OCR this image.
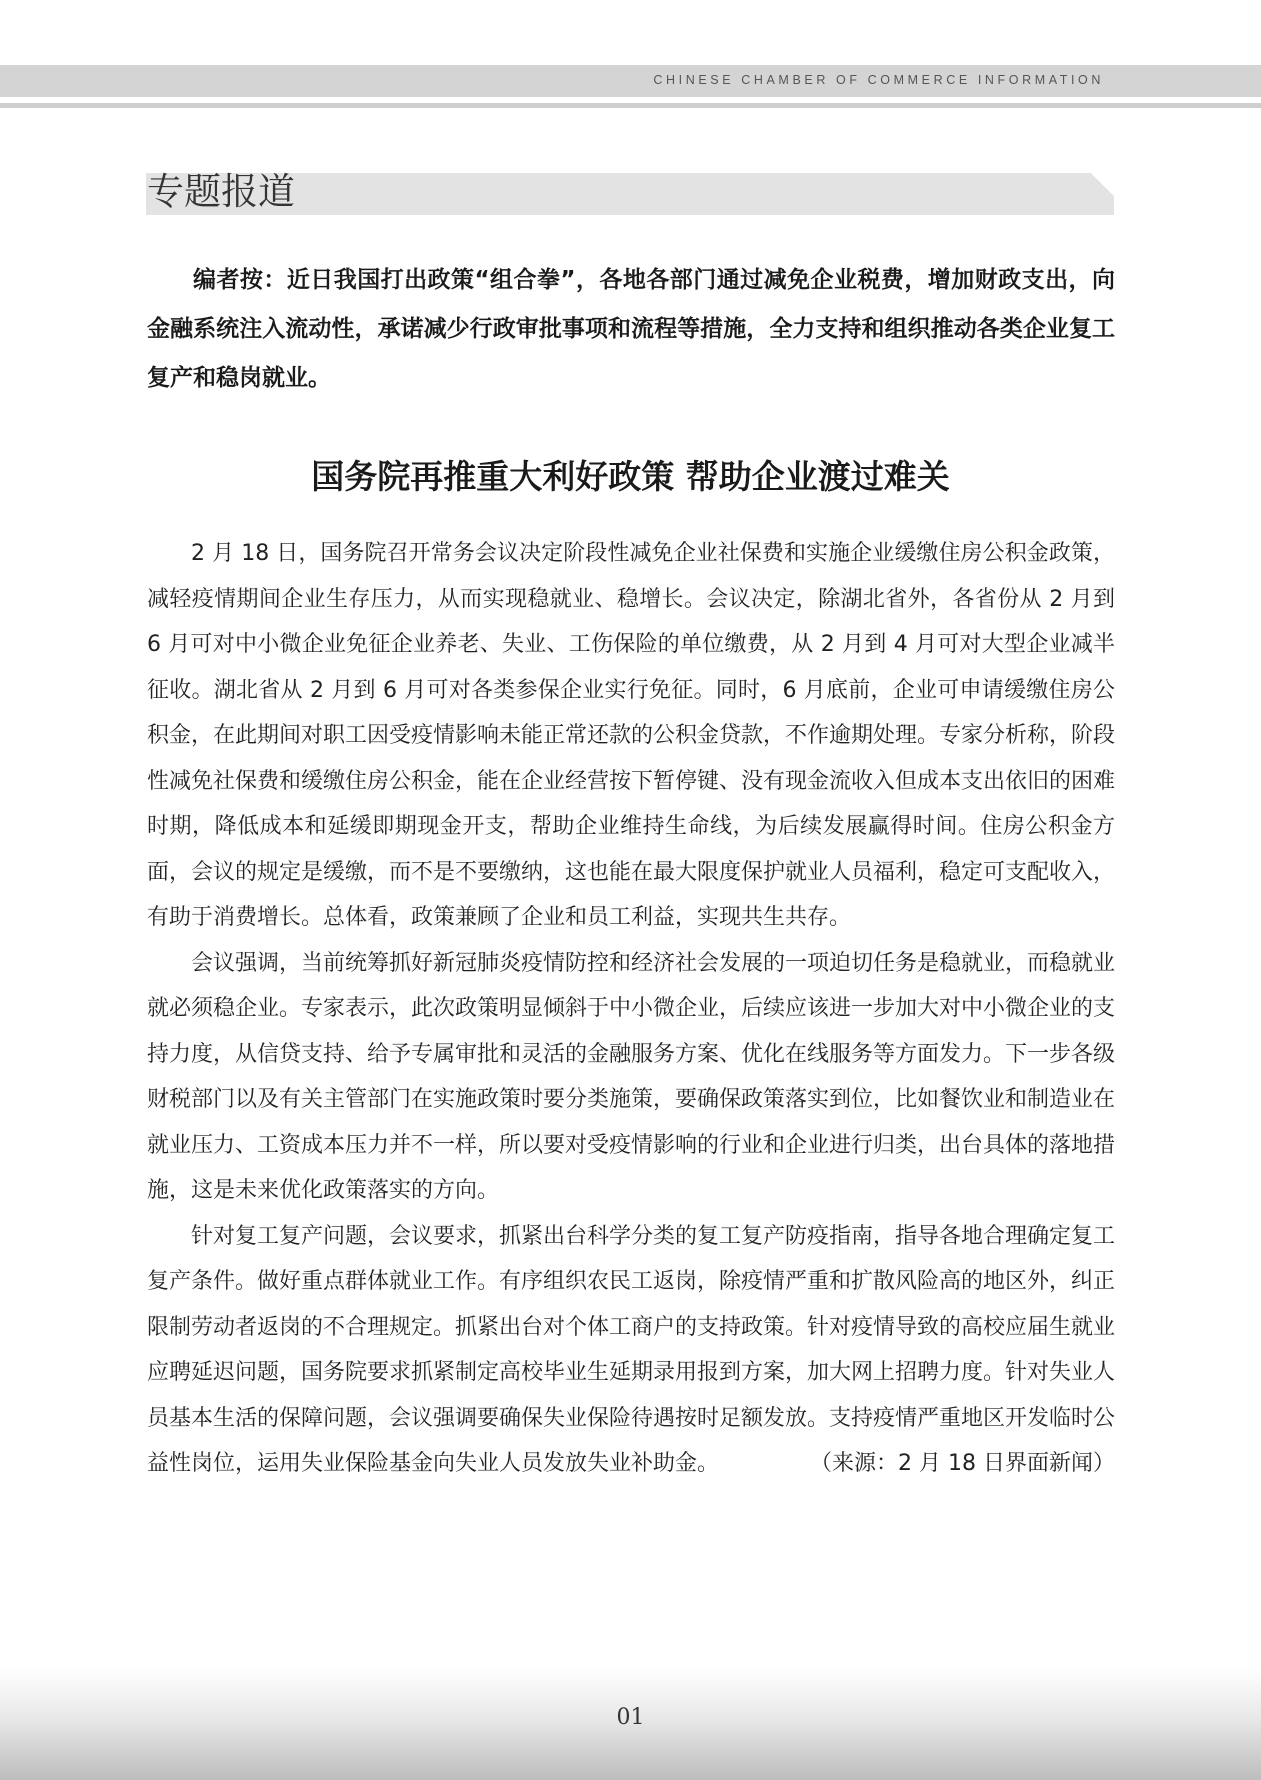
CHINESE CHAMBER OF COMMERCE INFORMATION
专题报道

编者按：近日我国打出政策“组合拳”，各地各部门通过减免企业税费，增加财政支出，向金融系统注入流动性，承诺减少行政审批事项和流程等措施，全力支持和组织推动各类企业复工复产和稳岗就业。

国务院再推重大利好政策 帮助企业渡过难关

2 月 18 日，国务院召开常务会议决定阶段性减免企业社保费和实施企业缓缴住房公积金政策，减轻疫情期间企业生存压力，从而实现稳就业、稳增长。会议决定，除湖北省外，各省份从 2 月到 6 月可对中小微企业免征企业养老、失业、工伤保险的单位缴费，从 2 月到 4 月可对大型企业减半征收。湖北省从 2 月到 6 月可对各类参保企业实行免征。同时，6 月底前，企业可申请缓缴住房公积金，在此期间对职工因受疫情影响未能正常还款的公积金贷款，不作逾期处理。专家分析称，阶段性减免社保费和缓缴住房公积金，能在企业经营按下暂停键、没有现金流收入但成本支出依旧的困难时期，降低成本和延缓即期现金开支，帮助企业维持生命线，为后续发展赢得时间。住房公积金方面，会议的规定是缓缴，而不是不要缴纳，这也能在最大限度保护就业人员福利，稳定可支配收入，有助于消费增长。总体看，政策兼顾了企业和员工利益，实现共生共存。

会议强调，当前统筹抓好新冠肺炎疫情防控和经济社会发展的一项迫切任务是稳就业，而稳就业就必须稳企业。专家表示，此次政策明显倾斜于中小微企业，后续应该进一步加大对中小微企业的支持力度，从信贷支持、给予专属审批和灵活的金融服务方案、优化在线服务等方面发力。下一步各级财税部门以及有关主管部门在实施政策时要分类施策，要确保政策落实到位，比如餐饮业和制造业在就业压力、工资成本压力并不一样，所以要对受疫情影响的行业和企业进行归类，出台具体的落地措施，这是未来优化政策落实的方向。

针对复工复产问题，会议要求，抓紧出台科学分类的复工复产防疫指南，指导各地合理确定复工复产条件。做好重点群体就业工作。有序组织农民工返岗，除疫情严重和扩散风险高的地区外，纠正限制劳动者返岗的不合理规定。抓紧出台对个体工商户的支持政策。针对疫情导致的高校应届生就业应聘延迟问题，国务院要求抓紧制定高校毕业生延期录用报到方案，加大网上招聘力度。针对失业人员基本生活的保障问题，会议强调要确保失业保险待遇按时足额发放。支持疫情严重地区开发临时公益性岗位，运用失业保险基金向失业人员发放失业补助金。	（来源：2 月 18 日界面新闻）

01
